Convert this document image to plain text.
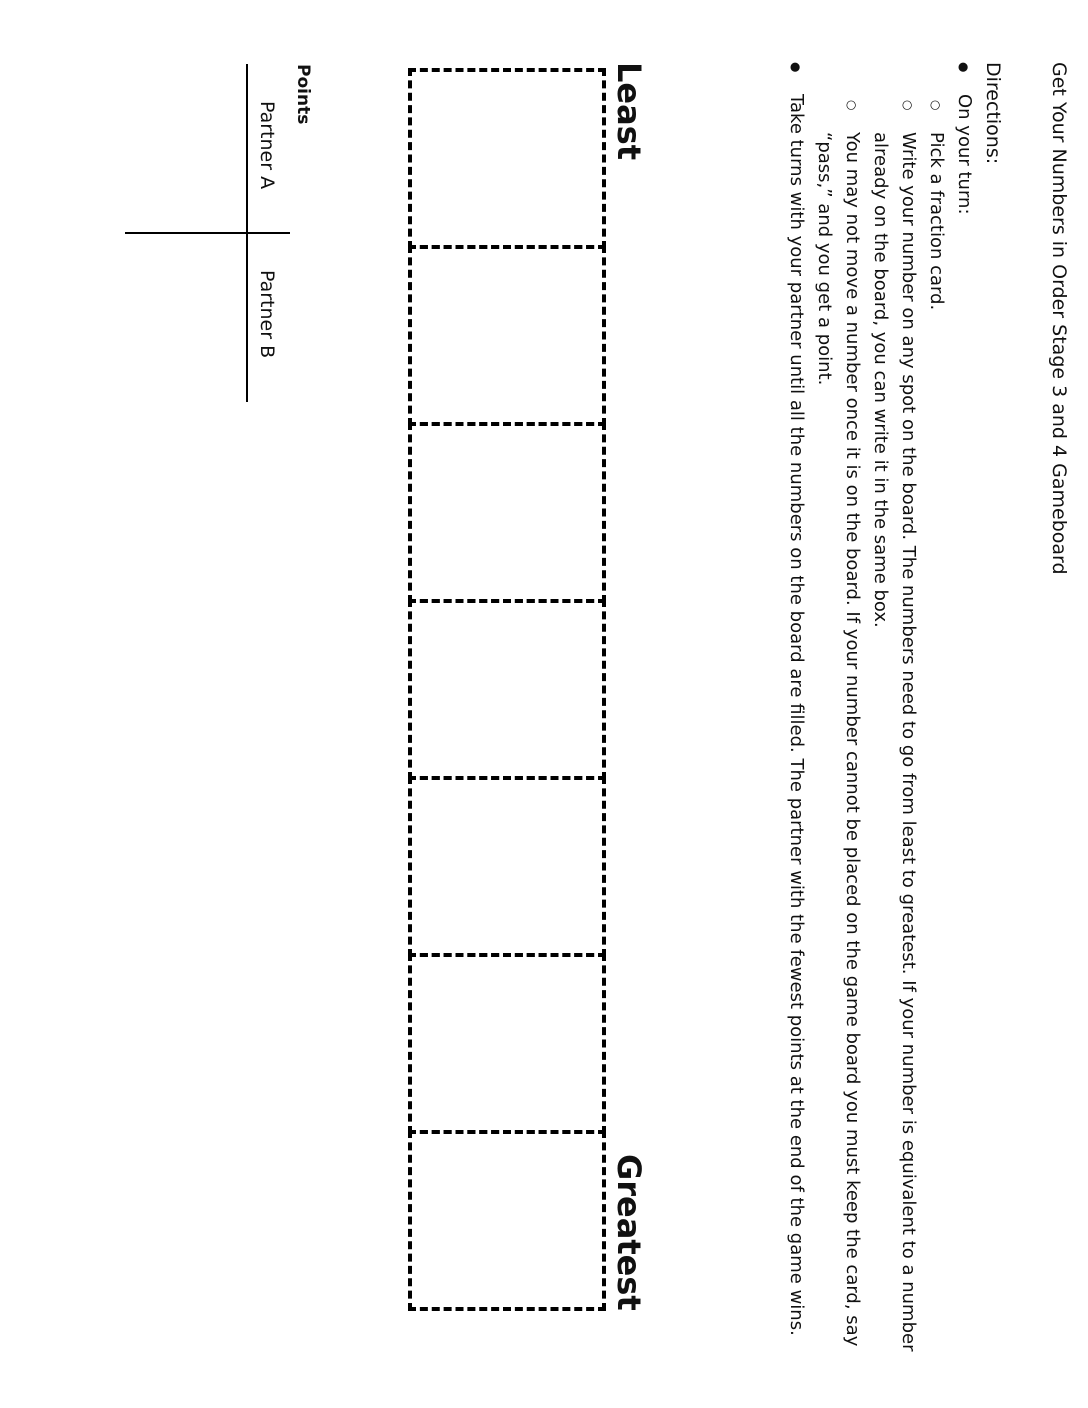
Get Your Numbers in Order Stage 3 and 4 Gameboard
Directions:
● On your turn:
○ Pick a fraction card.
○ Write your number on any spot on the board. The numbers need to go from least to greatest. If your number is equivalent to a number already on the board, you can write it in the same box.
○ You may not move a number once it is on the board. If your number cannot be placed on the game board you must keep the card, say “pass,” and you get a point.
● Take turns with your partner until all the numbers on the board are filled. The partner with the fewest points at the end of the game wins.
Least
Greatest
Points
Partner A
Partner B
